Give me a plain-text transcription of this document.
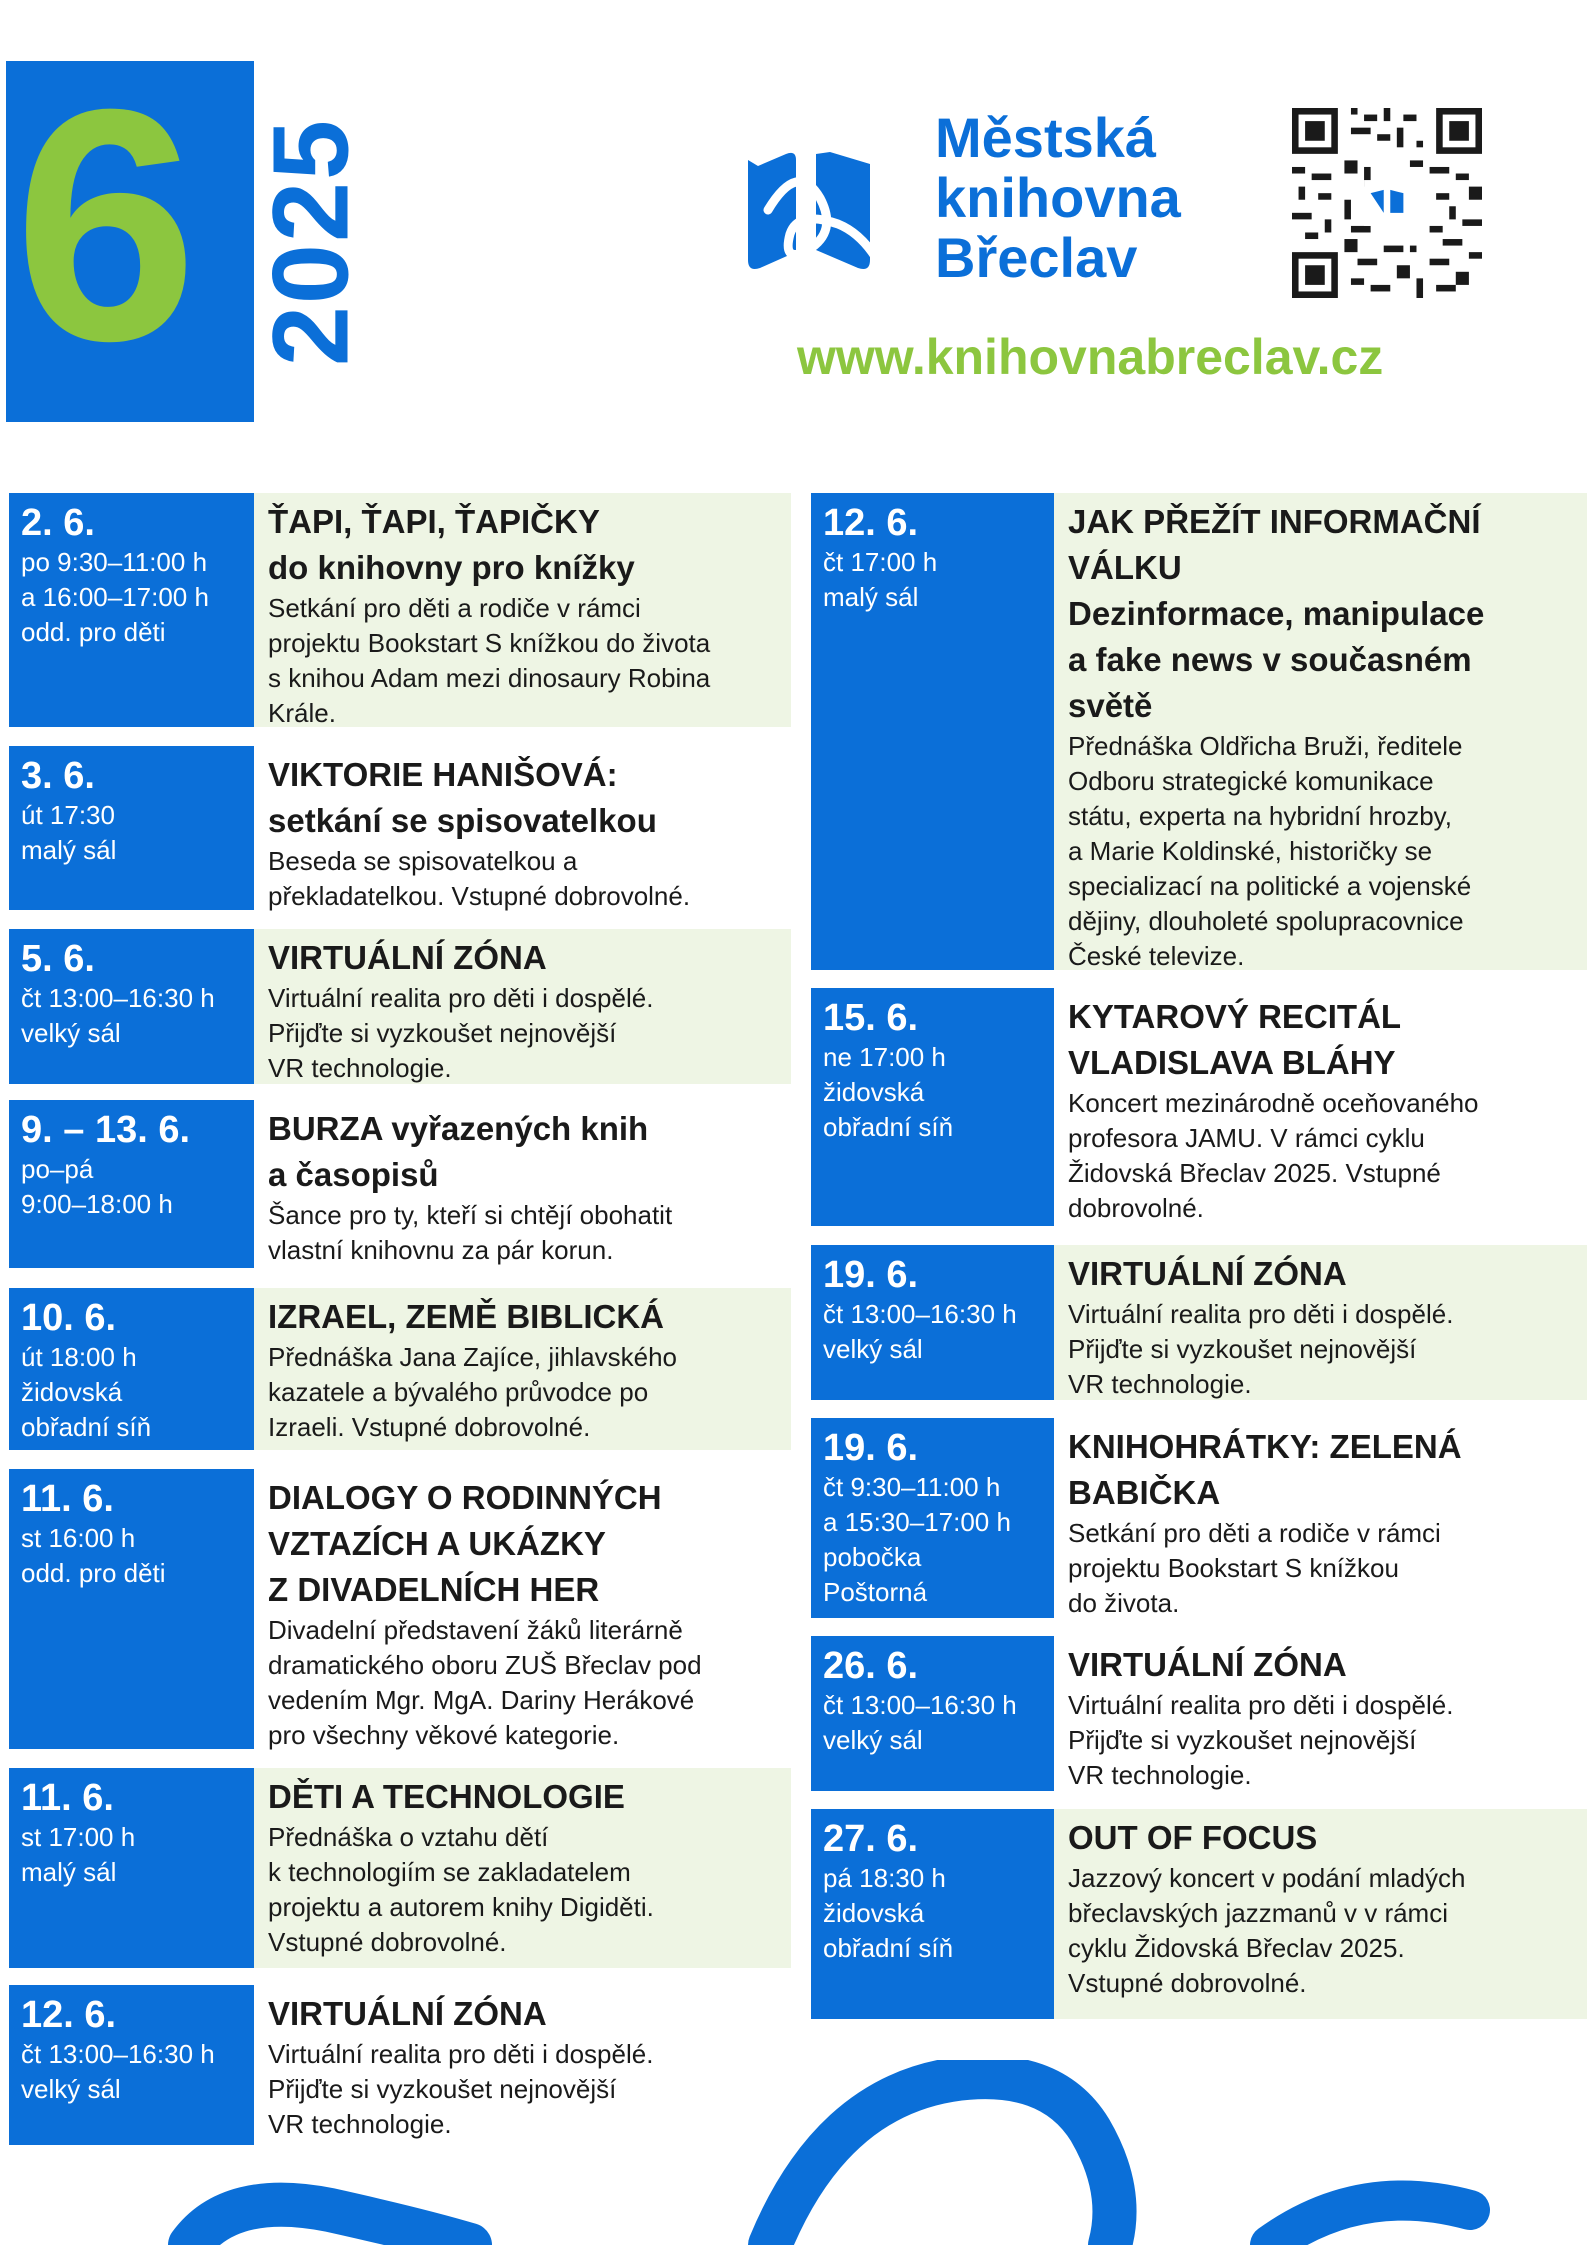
6 2025	Městská
knihovna
Břeclav
www.knihovnabreclav.cz
2. 6.
po 9:30–11:00 h
a 16:00–17:00 h
odd. pro děti
ŤAPI, ŤAPI, ŤAPIČKY
do knihovny pro knížky
Setkání pro děti a rodiče v rámci
projektu Bookstart S knížkou do života
s knihou Adam mezi dinosaury Robina
Krále.
3. 6.
út 17:30
malý sál
VIKTORIE HANIŠOVÁ:
setkání se spisovatelkou
Beseda se spisovatelkou a
překladatelkou. Vstupné dobrovolné.
5. 6.
čt 13:00–16:30 h
velký sál
VIRTUÁLNÍ ZÓNA
Virtuální realita pro děti i dospělé.
Přijďte si vyzkoušet nejnovější
VR technologie.
9. – 13. 6.
po–pá
9:00–18:00 h
BURZA vyřazených knih
a časopisů
Šance pro ty, kteří si chtějí obohatit
vlastní knihovnu za pár korun.
10. 6.
út 18:00 h
židovská
obřadní síň
IZRAEL, ZEMĚ BIBLICKÁ
Přednáška Jana Zajíce, jihlavského
kazatele a bývalého průvodce po
Izraeli. Vstupné dobrovolné.
11. 6.
st 16:00 h
odd. pro děti
DIALOGY O RODINNÝCH
VZTAZÍCH A UKÁZKY
Z DIVADELNÍCH HER
Divadelní představení žáků literárně
dramatického oboru ZUŠ Břeclav pod
vedením Mgr. MgA. Dariny Herákové
pro všechny věkové kategorie.
11. 6.
st 17:00 h
malý sál
DĚTI A TECHNOLOGIE
Přednáška o vztahu dětí
k technologiím se zakladatelem
projektu a autorem knihy Digiděti.
Vstupné dobrovolné.
12. 6.
čt 13:00–16:30 h
velký sál
VIRTUÁLNÍ ZÓNA
Virtuální realita pro děti i dospělé.
Přijďte si vyzkoušet nejnovější
VR technologie.
12. 6.
čt 17:00 h
malý sál
JAK PŘEŽÍT INFORMAČNÍ
VÁLKU
Dezinformace, manipulace
a fake news v současném
světě
Přednáška Oldřicha Bruži, ředitele
Odboru strategické komunikace
státu, experta na hybridní hrozby,
a Marie Koldinské, historičky se
specializací na politické a vojenské
dějiny, dlouholeté spolupracovnice
České televize.
15. 6.
ne 17:00 h
židovská
obřadní síň
KYTAROVÝ RECITÁL
VLADISLAVA BLÁHY
Koncert mezinárodně oceňovaného
profesora JAMU. V rámci cyklu
Židovská Břeclav 2025. Vstupné
dobrovolné.
19. 6.
čt 13:00–16:30 h
velký sál
VIRTUÁLNÍ ZÓNA
Virtuální realita pro děti i dospělé.
Přijďte si vyzkoušet nejnovější
VR technologie.
19. 6.
čt 9:30–11:00 h
a 15:30–17:00 h
pobočka
Poštorná
KNIHOHRÁTKY: ZELENÁ
BABIČKA
Setkání pro děti a rodiče v rámci
projektu Bookstart S knížkou
do života.
26. 6.
čt 13:00–16:30 h
velký sál
VIRTUÁLNÍ ZÓNA
Virtuální realita pro děti i dospělé.
Přijďte si vyzkoušet nejnovější
VR technologie.
27. 6.
pá 18:30 h
židovská
obřadní síň
OUT OF FOCUS
Jazzový koncert v podání mladých
břeclavských jazzmanů v v rámci
cyklu Židovská Břeclav 2025.
Vstupné dobrovolné.
